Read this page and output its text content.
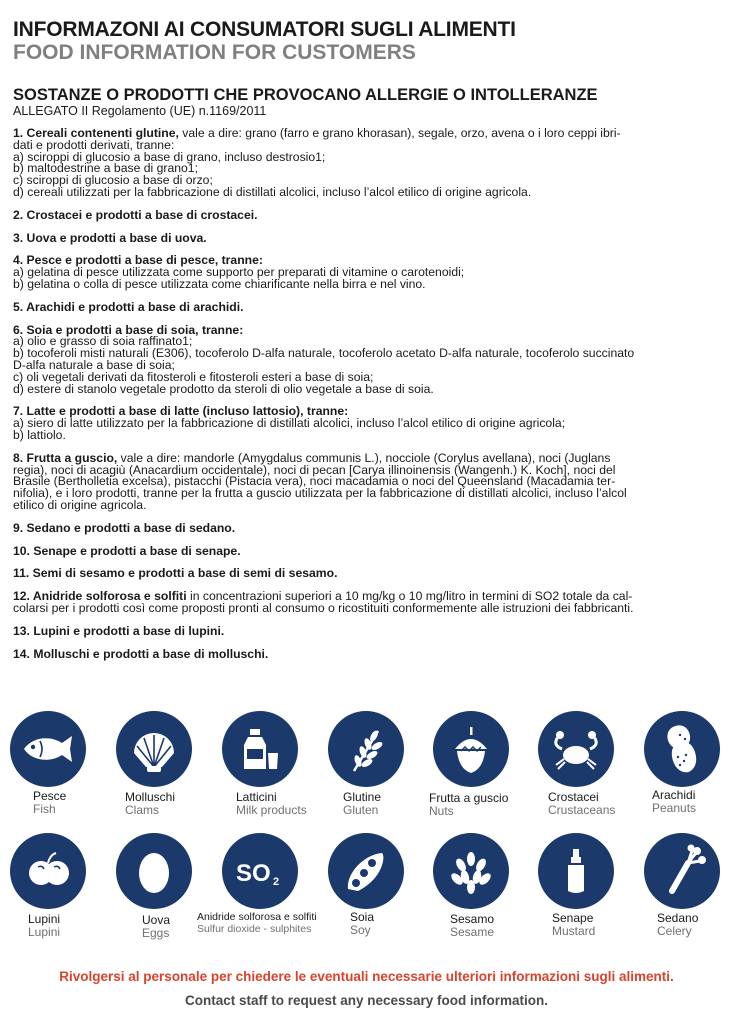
INFORMAZONI AI CONSUMATORI SUGLI ALIMENTI
FOOD INFORMATION FOR CUSTOMERS
SOSTANZE O PRODOTTI CHE PROVOCANO ALLERGIE O INTOLLERANZE
ALLEGATO II Regolamento (UE) n.1169/2011
1. Cereali contenenti glutine, vale a dire: grano (farro e grano khorasan), segale, orzo, avena o i loro ceppi ibri-
dati e prodotti derivati, tranne:
a) sciroppi di glucosio a base di grano, incluso destrosio1;
b) maltodestrine a base di grano1;
c) sciroppi di glucosio a base di orzo;
d) cereali utilizzati per la fabbricazione di distillati alcolici, incluso l’alcol etilico di origine agricola.
2. Crostacei e prodotti a base di crostacei.
3. Uova e prodotti a base di uova.
4. Pesce e prodotti a base di pesce, tranne:
a) gelatina di pesce utilizzata come supporto per preparati di vitamine o carotenoidi;
b) gelatina o colla di pesce utilizzata come chiarificante nella birra e nel vino.
5. Arachidi e prodotti a base di arachidi.
6. Soia e prodotti a base di soia, tranne:
a) olio e grasso di soia raffinato1;
b) tocoferoli misti naturali (E306), tocoferolo D-alfa naturale, tocoferolo acetato D-alfa naturale, tocoferolo succinato
D-alfa naturale a base di soia;
c) oli vegetali derivati da fitosteroli e fitosteroli esteri a base di soia;
d) estere di stanolo vegetale prodotto da steroli di olio vegetale a base di soia.
7. Latte e prodotti a base di latte (incluso lattosio), tranne:
a) siero di latte utilizzato per la fabbricazione di distillati alcolici, incluso l’alcol etilico di origine agricola;
b) lattiolo.
8. Frutta a guscio, vale a dire: mandorle (Amygdalus communis L.), nocciole (Corylus avellana), noci (Juglans
regia), noci di acagiù (Anacardium occidentale), noci di pecan [Carya illinoinensis (Wangenh.) K. Koch], noci del
Brasile (Bertholletia excelsa), pistacchi (Pistacia vera), noci macadamia o noci del Queensland (Macadamia ter-
nifolia), e i loro prodotti, tranne per la frutta a guscio utilizzata per la fabbricazione di distillati alcolici, incluso l’alcol
etilico di origine agricola.
9. Sedano e prodotti a base di sedano.
10. Senape e prodotti a base di senape.
11. Semi di sesamo e prodotti a base di semi di sesamo.
12. Anidride solforosa e solfiti in concentrazioni superiori a 10 mg/kg o 10 mg/litro in termini di SO2 totale da cal-
colarsi per i prodotti così come proposti pronti al consumo o ricostituiti conformemente alle istruzioni dei fabbricanti.
13. Lupini e prodotti a base di lupini.
14. Molluschi e prodotti a base di molluschi.
Pesce
Fish
Molluschi
Clams
Latticini
Milk products
Glutine
Gluten
Frutta a guscio
Nuts
Crostacei
Crustaceans
Arachidi
Peanuts
Lupini
Lupini
Uova
Eggs
SO 2
Anidride solforosa e solfiti
Sulfur dioxide - sulphites
Soia
Soy
Sesamo
Sesame
Senape
Mustard
Sedano
Celery
Rivolgersi al personale per chiedere le eventuali necessarie ulteriori informazioni sugli alimenti.
Contact staff to request any necessary food information.
